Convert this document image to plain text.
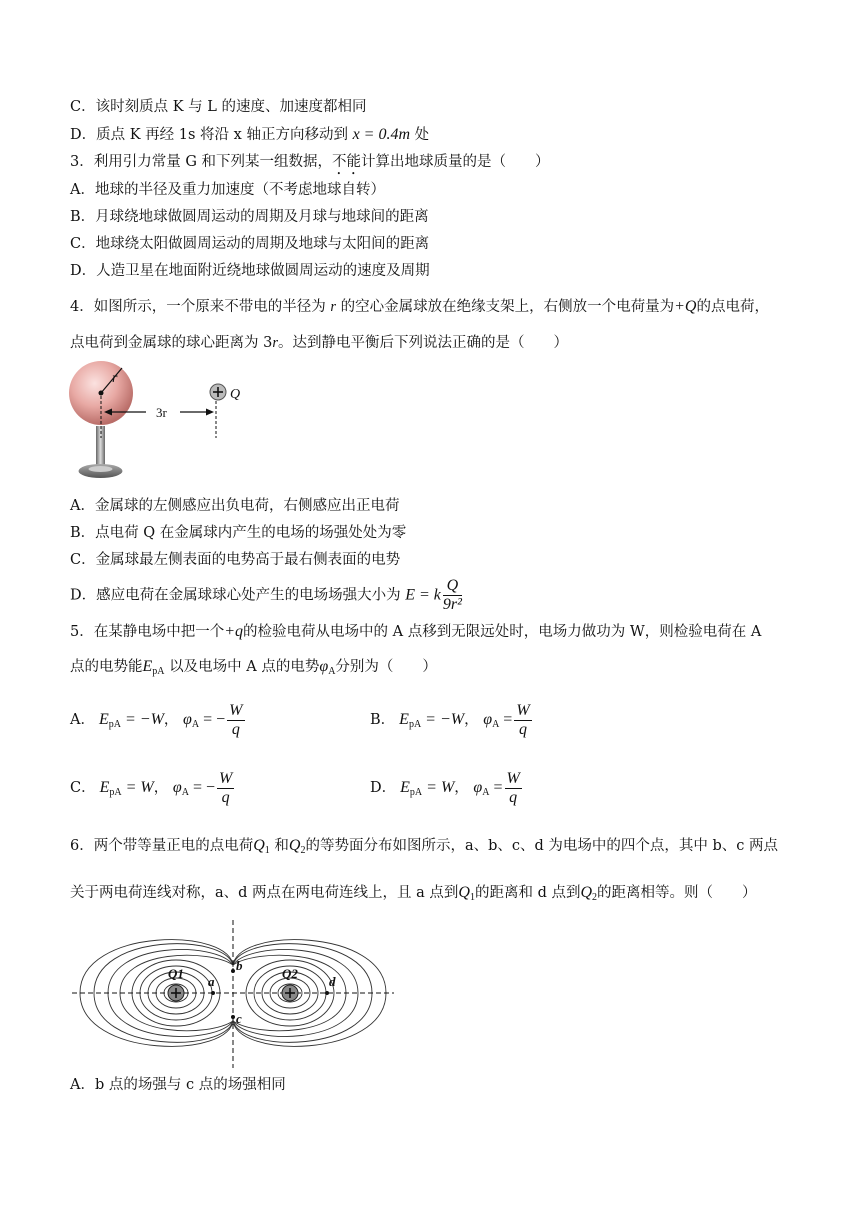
C．该时刻质点 K 与 L 的速度、加速度都相同
D．质点 K 再经 1s 将沿 x 轴正方向移动到 x = 0.4m 处
3．利用引力常量 G 和下列某一组数据，不能计算出地球质量的是（　　）
A．地球的半径及重力加速度（不考虑地球自转）
B．月球绕地球做圆周运动的周期及月球与地球间的距离
C．地球绕太阳做圆周运动的周期及地球与太阳间的距离
D．人造卫星在地面附近绕地球做圆周运动的速度及周期
4．如图所示，一个原来不带电的半径为 r 的空心金属球放在绝缘支架上，右侧放一个电荷量为+Q的点电荷，
点电荷到金属球的球心距离为 3r。达到静电平衡后下列说法正确的是（　　）
r
3r
Q
A．金属球的左侧感应出负电荷，右侧感应出正电荷
B．点电荷 Q 在金属球内产生的电场的场强处处为零
C．金属球最左侧表面的电势高于最右侧表面的电势
D．感应电荷在金属球球心处产生的电场场强大小为 E = k $\frac{Q}{\text{9r²}}$
5．在某静电场中把一个+q的检验电荷从电场中的 A 点移到无限远处时，电场力做功为 W，则检验电荷在 A
点的电势能$E_{pA}$ 以及电场中 A 点的电势$\varphi_A$分别为（　　）
A． $E_{pA} = -W$， $\varphi_A$ = − $\frac{W}{q}$	B． $E_{pA} = -W$， $\varphi_A = \frac{W}{q}$
C． $E_{pA} = W$， $\varphi_A$ = − $\frac{W}{q}$	D． $E_{pA} = W$， $\varphi_A = \frac{W}{q}$
6．两个带等量正电的点电荷$Q_1$ 和$Q_2$的等势面分布如图所示，a、b、c、d 为电场中的四个点，其中 b、c 两点
关于两电荷连线对称，a、d 两点在两电荷连线上，且 a 点到$Q_1$的距离和 d 点到$Q_2$的距离相等。则（　　）
Q1	Q2
a	d
b
c
A．b 点的场强与 c 点的场强相同
